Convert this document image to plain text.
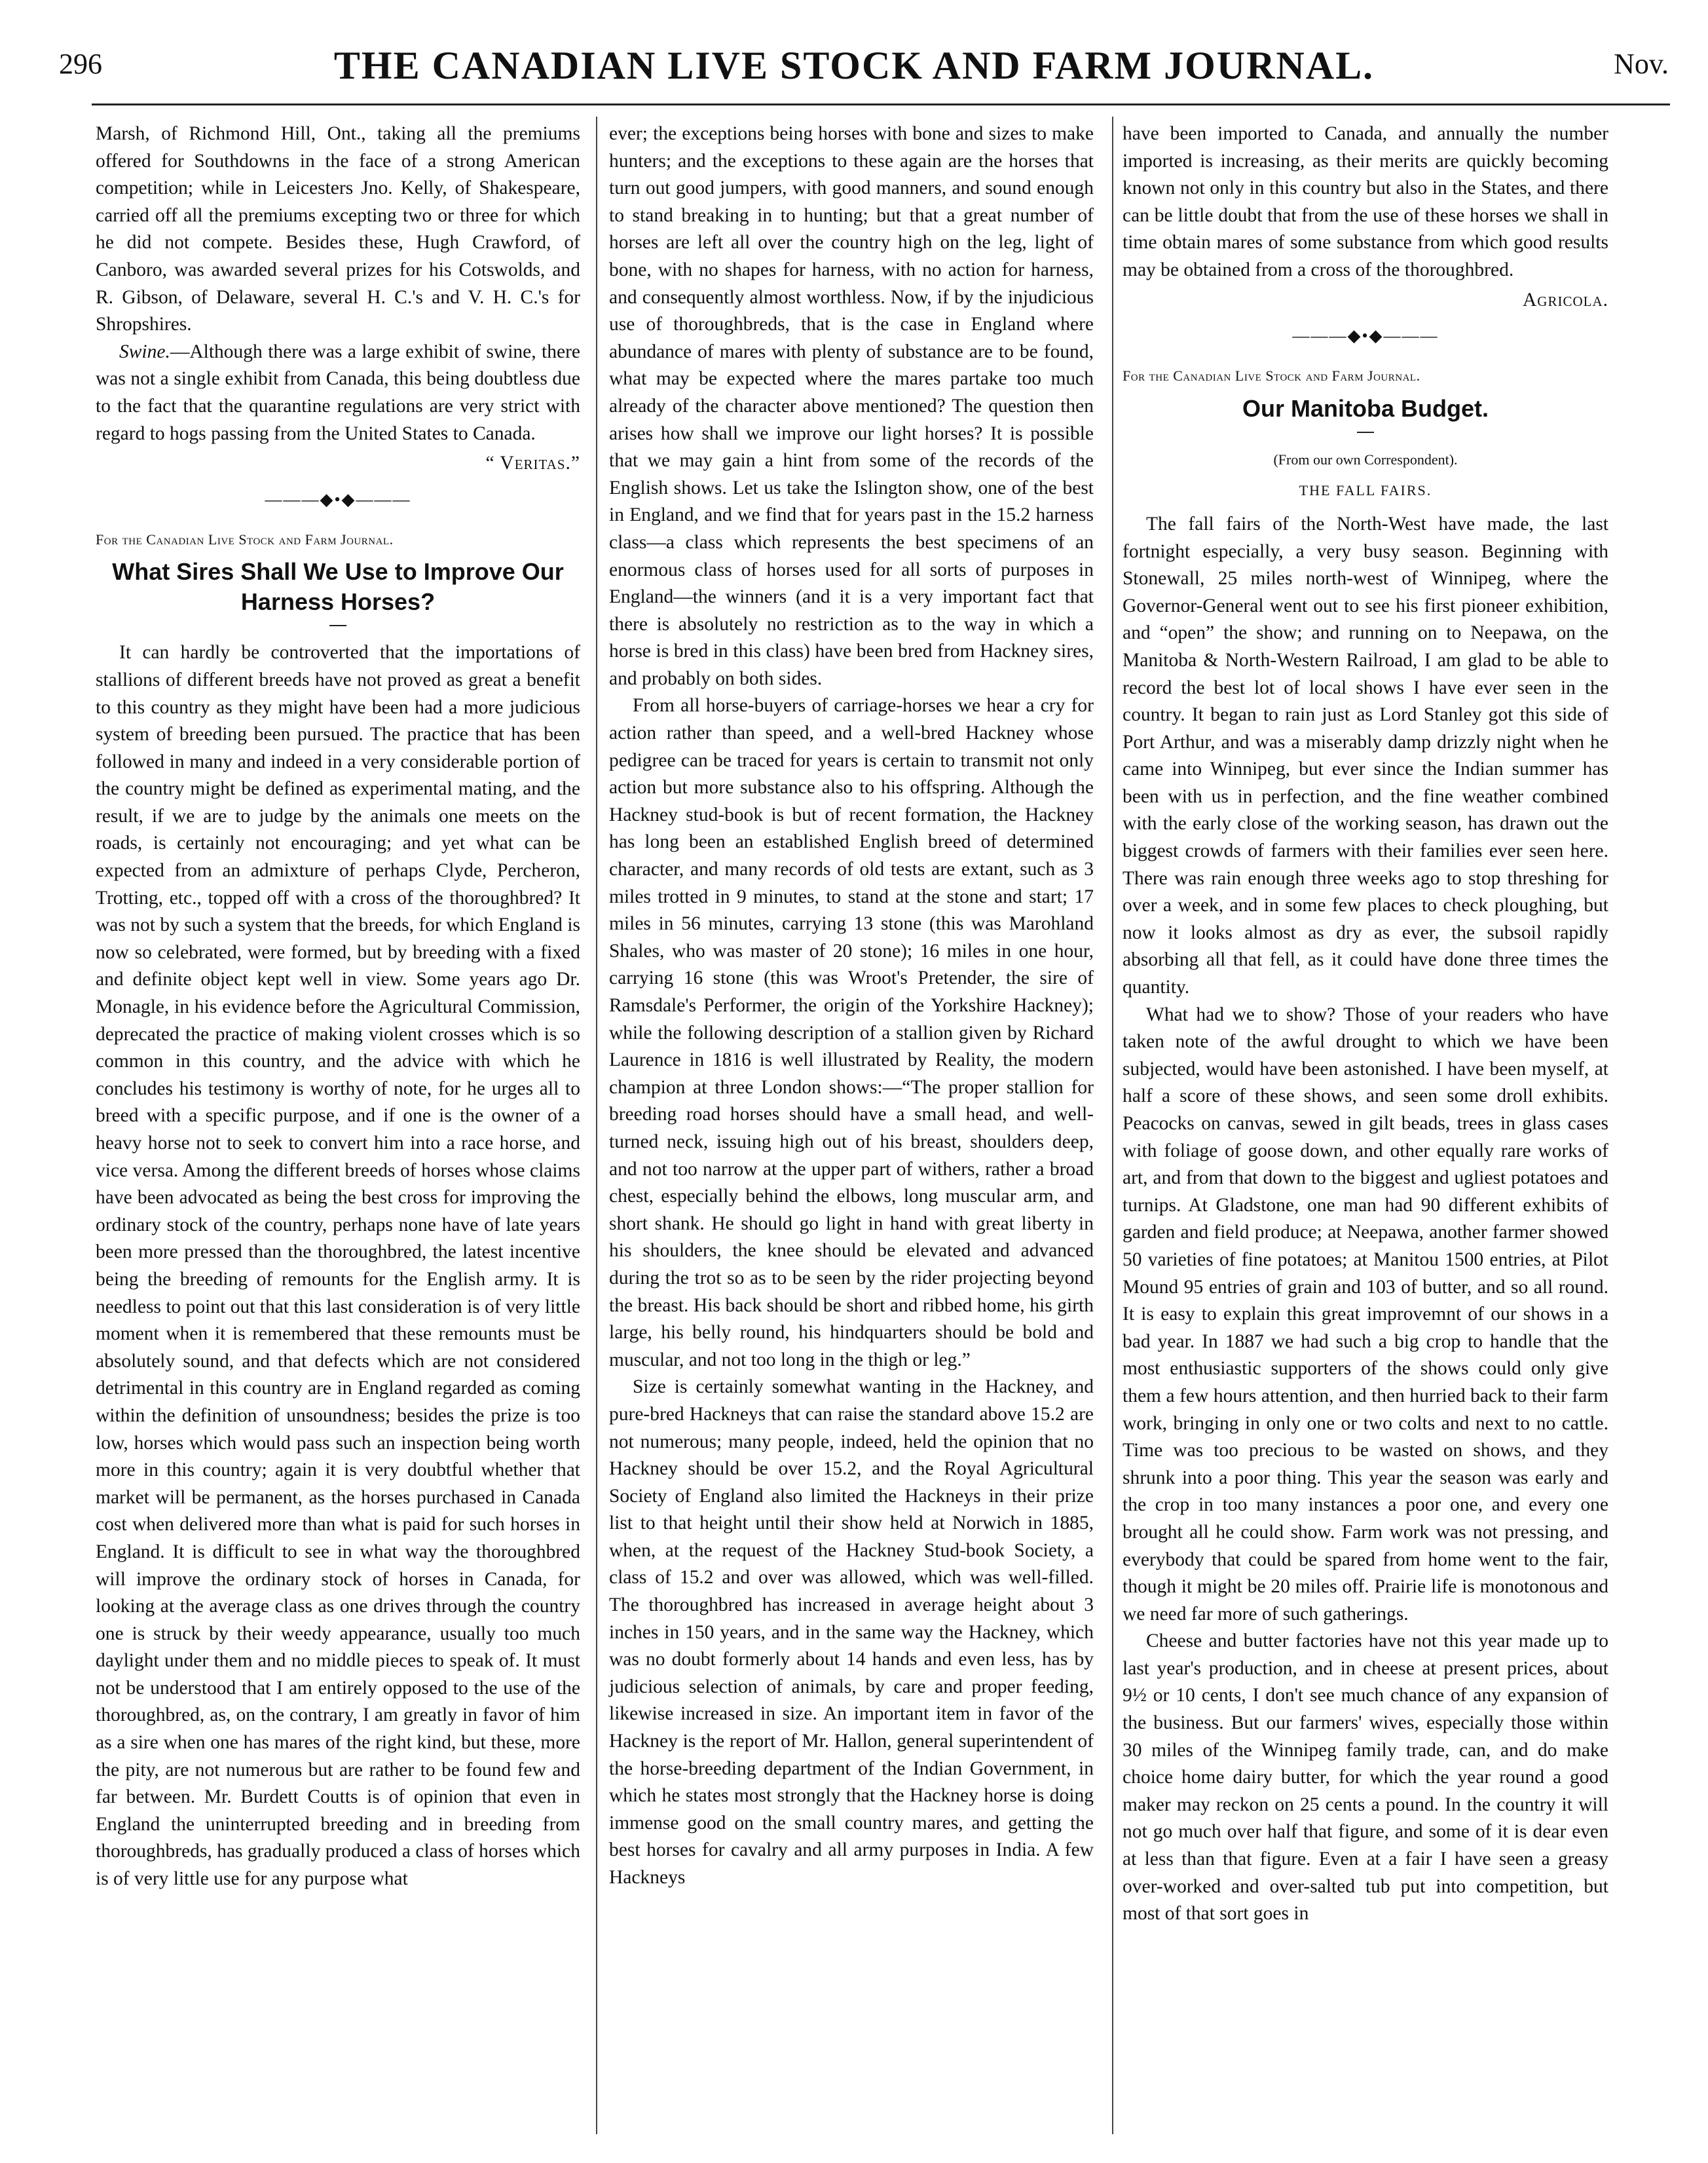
296	THE CANADIAN LIVE STOCK AND FARM JOURNAL.	Nov.

Marsh, of Richmond Hill, Ont., taking all the premiums offered for Southdowns in the face of a strong American competition; while in Leicesters Jno. Kelly, of Shakespeare, carried off all the premiums excepting two or three for which he did not compete. Besides these, Hugh Crawford, of Canboro, was awarded several prizes for his Cotswolds, and R. Gibson, of Delaware, several H. C.'s and V. H. C.'s for Shropshires.

Swine.—Although there was a large exhibit of swine, there was not a single exhibit from Canada, this being doubtless due to the fact that the quarantine regulations are very strict with regard to hogs passing from the United States to Canada.

“ Veritas.”

———◆•◆———
For the Canadian Live Stock and Farm Journal.
What Sires Shall We Use to Improve Our Harness Horses?

It can hardly be controverted that the importations of stallions of different breeds have not proved as great a benefit to this country as they might have been had a more judicious system of breeding been pursued. The practice that has been followed in many and indeed in a very considerable portion of the country might be defined as experimental mating, and the result, if we are to judge by the animals one meets on the roads, is certainly not encouraging; and yet what can be expected from an admixture of perhaps Clyde, Percheron, Trotting, etc., topped off with a cross of the thoroughbred? It was not by such a system that the breeds, for which England is now so celebrated, were formed, but by breeding with a fixed and definite object kept well in view. Some years ago Dr. Monagle, in his evidence before the Agricultural Commission, deprecated the practice of making violent crosses which is so common in this country, and the advice with which he concludes his testimony is worthy of note, for he urges all to breed with a specific purpose, and if one is the owner of a heavy horse not to seek to convert him into a race horse, and vice versa. Among the different breeds of horses whose claims have been advocated as being the best cross for improving the ordinary stock of the country, perhaps none have of late years been more pressed than the thoroughbred, the latest incentive being the breeding of remounts for the English army. It is needless to point out that this last consideration is of very little moment when it is remembered that these remounts must be absolutely sound, and that defects which are not considered detrimental in this country are in England regarded as coming within the definition of unsoundness; besides the prize is too low, horses which would pass such an inspection being worth more in this country; again it is very doubtful whether that market will be permanent, as the horses purchased in Canada cost when delivered more than what is paid for such horses in England. It is difficult to see in what way the thoroughbred will improve the ordinary stock of horses in Canada, for looking at the average class as one drives through the country one is struck by their weedy appearance, usually too much daylight under them and no middle pieces to speak of. It must not be understood that I am entirely opposed to the use of the thoroughbred, as, on the contrary, I am greatly in favor of him as a sire when one has mares of the right kind, but these, more the pity, are not numerous but are rather to be found few and far between. Mr. Burdett Coutts is of opinion that even in England the uninterrupted breeding and in breeding from thoroughbreds, has gradually produced a class of horses which is of very little use for any purpose what

ever; the exceptions being horses with bone and sizes to make hunters; and the exceptions to these again are the horses that turn out good jumpers, with good manners, and sound enough to stand breaking in to hunting; but that a great number of horses are left all over the country high on the leg, light of bone, with no shapes for harness, with no action for harness, and consequently almost worthless. Now, if by the injudicious use of thoroughbreds, that is the case in England where abundance of mares with plenty of substance are to be found, what may be expected where the mares partake too much already of the character above mentioned? The question then arises how shall we improve our light horses? It is possible that we may gain a hint from some of the records of the English shows. Let us take the Islington show, one of the best in England, and we find that for years past in the 15.2 harness class—a class which represents the best specimens of an enormous class of horses used for all sorts of purposes in England—the winners (and it is a very important fact that there is absolutely no restriction as to the way in which a horse is bred in this class) have been bred from Hackney sires, and probably on both sides.

From all horse-buyers of carriage-horses we hear a cry for action rather than speed, and a well-bred Hackney whose pedigree can be traced for years is certain to transmit not only action but more substance also to his offspring. Although the Hackney stud-book is but of recent formation, the Hackney has long been an established English breed of determined character, and many records of old tests are extant, such as 3 miles trotted in 9 minutes, to stand at the stone and start; 17 miles in 56 minutes, carrying 13 stone (this was Marohland Shales, who was master of 20 stone); 16 miles in one hour, carrying 16 stone (this was Wroot's Pretender, the sire of Ramsdale's Performer, the origin of the Yorkshire Hackney); while the following description of a stallion given by Richard Laurence in 1816 is well illustrated by Reality, the modern champion at three London shows:—“The proper stallion for breeding road horses should have a small head, and well-turned neck, issuing high out of his breast, shoulders deep, and not too narrow at the upper part of withers, rather a broad chest, especially behind the elbows, long muscular arm, and short shank. He should go light in hand with great liberty in his shoulders, the knee should be elevated and advanced during the trot so as to be seen by the rider projecting beyond the breast. His back should be short and ribbed home, his girth large, his belly round, his hindquarters should be bold and muscular, and not too long in the thigh or leg.”

Size is certainly somewhat wanting in the Hackney, and pure-bred Hackneys that can raise the standard above 15.2 are not numerous; many people, indeed, held the opinion that no Hackney should be over 15.2, and the Royal Agricultural Society of England also limited the Hackneys in their prize list to that height until their show held at Norwich in 1885, when, at the request of the Hackney Stud-book Society, a class of 15.2 and over was allowed, which was well-filled. The thoroughbred has increased in average height about 3 inches in 150 years, and in the same way the Hackney, which was no doubt formerly about 14 hands and even less, has by judicious selection of animals, by care and proper feeding, likewise increased in size. An important item in favor of the Hackney is the report of Mr. Hallon, general superintendent of the horse-breeding department of the Indian Government, in which he states most strongly that the Hackney horse is doing immense good on the small country mares, and getting the best horses for cavalry and all army purposes in India. A few Hackneys

have been imported to Canada, and annually the number imported is increasing, as their merits are quickly becoming known not only in this country but also in the States, and there can be little doubt that from the use of these horses we shall in time obtain mares of some substance from which good results may be obtained from a cross of the thoroughbred.

Agricola.

———◆•◆———
For the Canadian Live Stock and Farm Journal.
Our Manitoba Budget.
(From our own Correspondent).
THE FALL FAIRS.

The fall fairs of the North-West have made, the last fortnight especially, a very busy season. Beginning with Stonewall, 25 miles north-west of Winnipeg, where the Governor-General went out to see his first pioneer exhibition, and “open” the show; and running on to Neepawa, on the Manitoba & North-Western Railroad, I am glad to be able to record the best lot of local shows I have ever seen in the country. It began to rain just as Lord Stanley got this side of Port Arthur, and was a miserably damp drizzly night when he came into Winnipeg, but ever since the Indian summer has been with us in perfection, and the fine weather combined with the early close of the working season, has drawn out the biggest crowds of farmers with their families ever seen here. There was rain enough three weeks ago to stop threshing for over a week, and in some few places to check ploughing, but now it looks almost as dry as ever, the subsoil rapidly absorbing all that fell, as it could have done three times the quantity.

What had we to show? Those of your readers who have taken note of the awful drought to which we have been subjected, would have been astonished. I have been myself, at half a score of these shows, and seen some droll exhibits. Peacocks on canvas, sewed in gilt beads, trees in glass cases with foliage of goose down, and other equally rare works of art, and from that down to the biggest and ugliest potatoes and turnips. At Gladstone, one man had 90 different exhibits of garden and field produce; at Neepawa, another farmer showed 50 varieties of fine potatoes; at Manitou 1500 entries, at Pilot Mound 95 entries of grain and 103 of butter, and so all round. It is easy to explain this great improvemnt of our shows in a bad year. In 1887 we had such a big crop to handle that the most enthusiastic supporters of the shows could only give them a few hours attention, and then hurried back to their farm work, bringing in only one or two colts and next to no cattle. Time was too precious to be wasted on shows, and they shrunk into a poor thing. This year the season was early and the crop in too many instances a poor one, and every one brought all he could show. Farm work was not pressing, and everybody that could be spared from home went to the fair, though it might be 20 miles off. Prairie life is monotonous and we need far more of such gatherings.

Cheese and butter factories have not this year made up to last year's production, and in cheese at present prices, about 9½ or 10 cents, I don't see much chance of any expansion of the business. But our farmers' wives, especially those within 30 miles of the Winnipeg family trade, can, and do make choice home dairy butter, for which the year round a good maker may reckon on 25 cents a pound. In the country it will not go much over half that figure, and some of it is dear even at less than that figure. Even at a fair I have seen a greasy over-worked and over-salted tub put into competition, but most of that sort goes in
